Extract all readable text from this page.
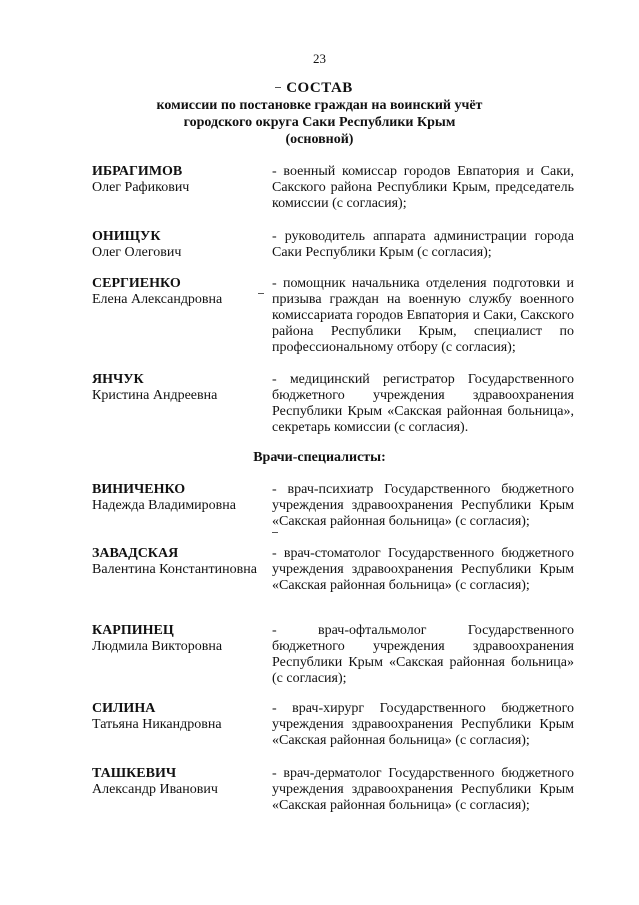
23
СОСТАВ
комиссии по постановке граждан на воинский учёт
городского округа Саки Республики Крым
(основной)
ИБРАГИМОВ
Олег Рафикович
- военный комиссар городов Евпатория и Саки, Сакского района Республики Крым, председатель комиссии (с согласия);
ОНИЩУК
Олег Олегович
- руководитель аппарата администрации города Саки Республики Крым (с согласия);
СЕРГИЕНКО
Елена Александровна
- помощник начальника отделения подготовки и призыва граждан на военную службу военного комиссариата городов Евпатория и Саки, Сакского района Республики Крым, специалист по профессиональному отбору (с согласия);
ЯНЧУК
Кристина Андреевна
- медицинский регистратор Государственного бюджетного учреждения здравоохранения Республики Крым «Сакская районная больница», секретарь комиссии (с согласия).
Врачи-специалисты:
ВИНИЧЕНКО
Надежда Владимировна
- врач-психиатр Государственного бюджетного учреждения здравоохранения Республики Крым «Сакская районная больница» (с согласия);
ЗАВАДСКАЯ
Валентина Константиновна
- врач-стоматолог Государственного бюджетного учреждения здравоохранения Республики Крым «Сакская районная больница» (с согласия);
КАРПИНЕЦ
Людмила Викторовна
- врач-офтальмолог Государственного бюджетного учреждения здравоохранения Республики Крым «Сакская районная больница» (с согласия);
СИЛИНА
Татьяна Никандровна
- врач-хирург Государственного бюджетного учреждения здравоохранения Республики Крым «Сакская районная больница» (с согласия);
ТАШКЕВИЧ
Александр Иванович
- врач-дерматолог Государственного бюджетного учреждения здравоохранения Республики Крым «Сакская районная больница» (с согласия);
